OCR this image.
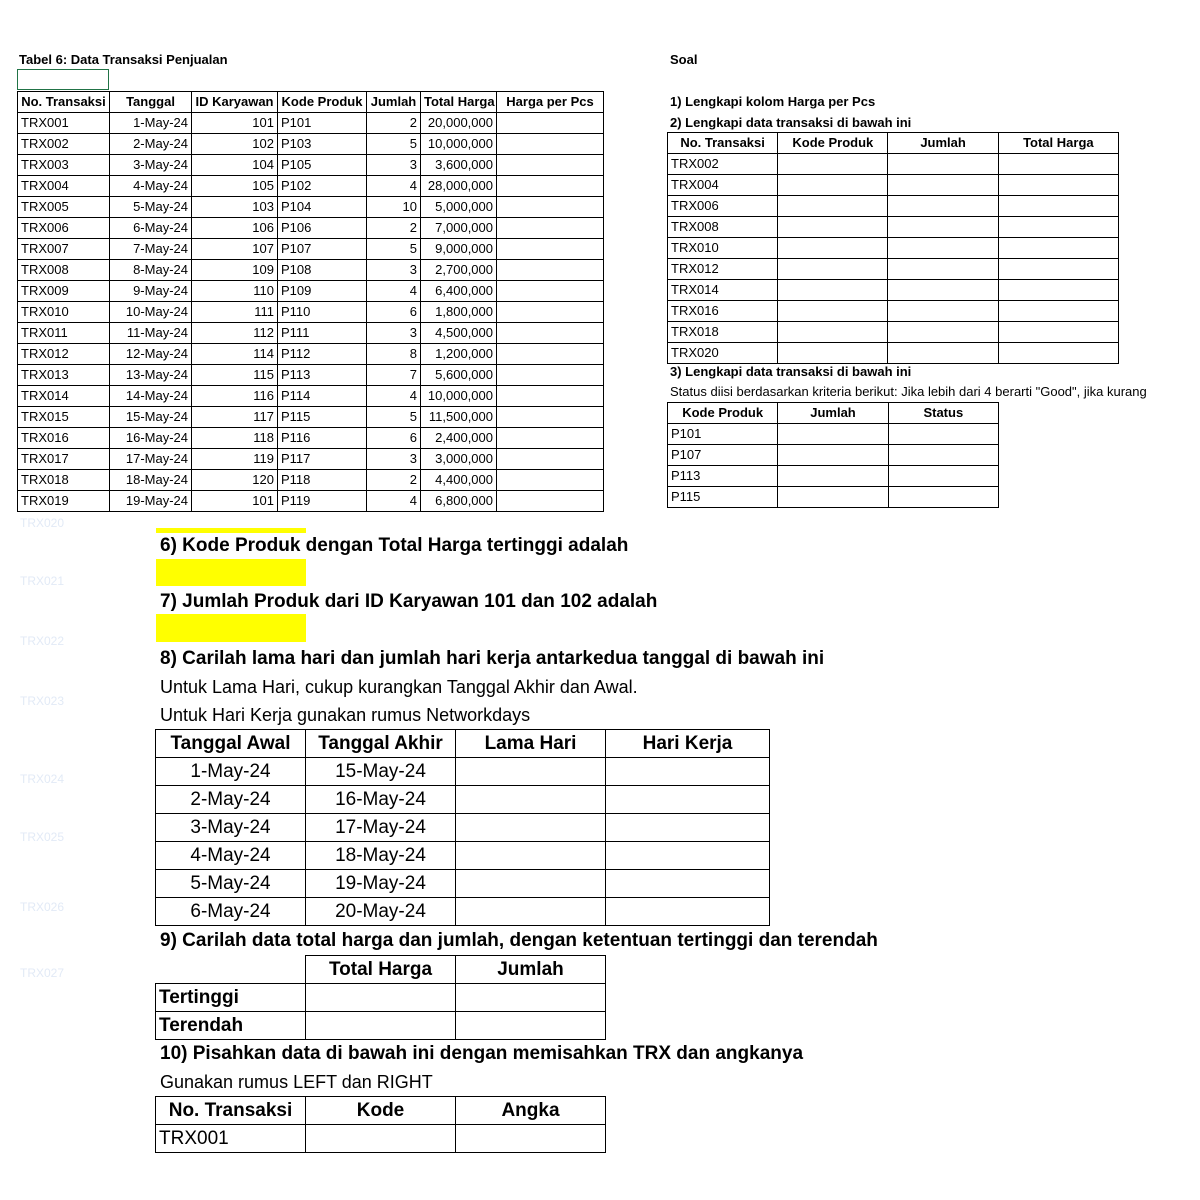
Tabel 6: Data Transaksi Penjualan
No. Transaksi	Tanggal	ID Karyawan	Kode Produk	Jumlah	Total Harga	Harga per Pcs
TRX001	1-May-24	101	P101	2	20,000,000	
TRX002	2-May-24	102	P103	5	10,000,000	
TRX003	3-May-24	104	P105	3	3,600,000	
TRX004	4-May-24	105	P102	4	28,000,000	
TRX005	5-May-24	103	P104	10	5,000,000	
TRX006	6-May-24	106	P106	2	7,000,000	
TRX007	7-May-24	107	P107	5	9,000,000	
TRX008	8-May-24	109	P108	3	2,700,000	
TRX009	9-May-24	110	P109	4	6,400,000	
TRX010	10-May-24	111	P110	6	1,800,000	
TRX011	11-May-24	112	P111	3	4,500,000	
TRX012	12-May-24	114	P112	8	1,200,000	
TRX013	13-May-24	115	P113	7	5,600,000	
TRX014	14-May-24	116	P114	4	10,000,000	
TRX015	15-May-24	117	P115	5	11,500,000	
TRX016	16-May-24	118	P116	6	2,400,000	
TRX017	17-May-24	119	P117	3	3,000,000	
TRX018	18-May-24	120	P118	2	4,400,000	
TRX019	19-May-24	101	P119	4	6,800,000	
Soal
1) Lengkapi kolom Harga per Pcs
2) Lengkapi data transaksi di bawah ini
No. Transaksi	Kode Produk	Jumlah	Total Harga
TRX002			
TRX004			
TRX006			
TRX008			
TRX010			
TRX012			
TRX014			
TRX016			
TRX018			
TRX020			
3) Lengkapi data transaksi di bawah ini
Status diisi berdasarkan kriteria berikut: Jika lebih dari 4 berarti "Good", jika kurang
Kode Produk	Jumlah	Status
P101		
P107		
P113		
P115		
TRX020
TRX021
TRX022
TRX023
TRX024
TRX025
TRX026
TRX027
6) Kode Produk dengan Total Harga tertinggi adalah
7) Jumlah Produk dari ID Karyawan 101 dan 102 adalah
8) Carilah lama hari dan jumlah hari kerja antarkedua tanggal di bawah ini
Untuk Lama Hari, cukup kurangkan Tanggal Akhir dan Awal.
Untuk Hari Kerja gunakan rumus Networkdays
Tanggal Awal	Tanggal Akhir	Lama Hari	Hari Kerja
1-May-24	15-May-24		
2-May-24	16-May-24		
3-May-24	17-May-24		
4-May-24	18-May-24		
5-May-24	19-May-24		
6-May-24	20-May-24		
9) Carilah data total harga dan jumlah, dengan ketentuan tertinggi dan terendah
	Total Harga	Jumlah
Tertinggi		
Terendah		
10) Pisahkan data di bawah ini dengan memisahkan TRX dan angkanya
Gunakan rumus LEFT dan RIGHT
No. Transaksi	Kode	Angka
TRX001		
